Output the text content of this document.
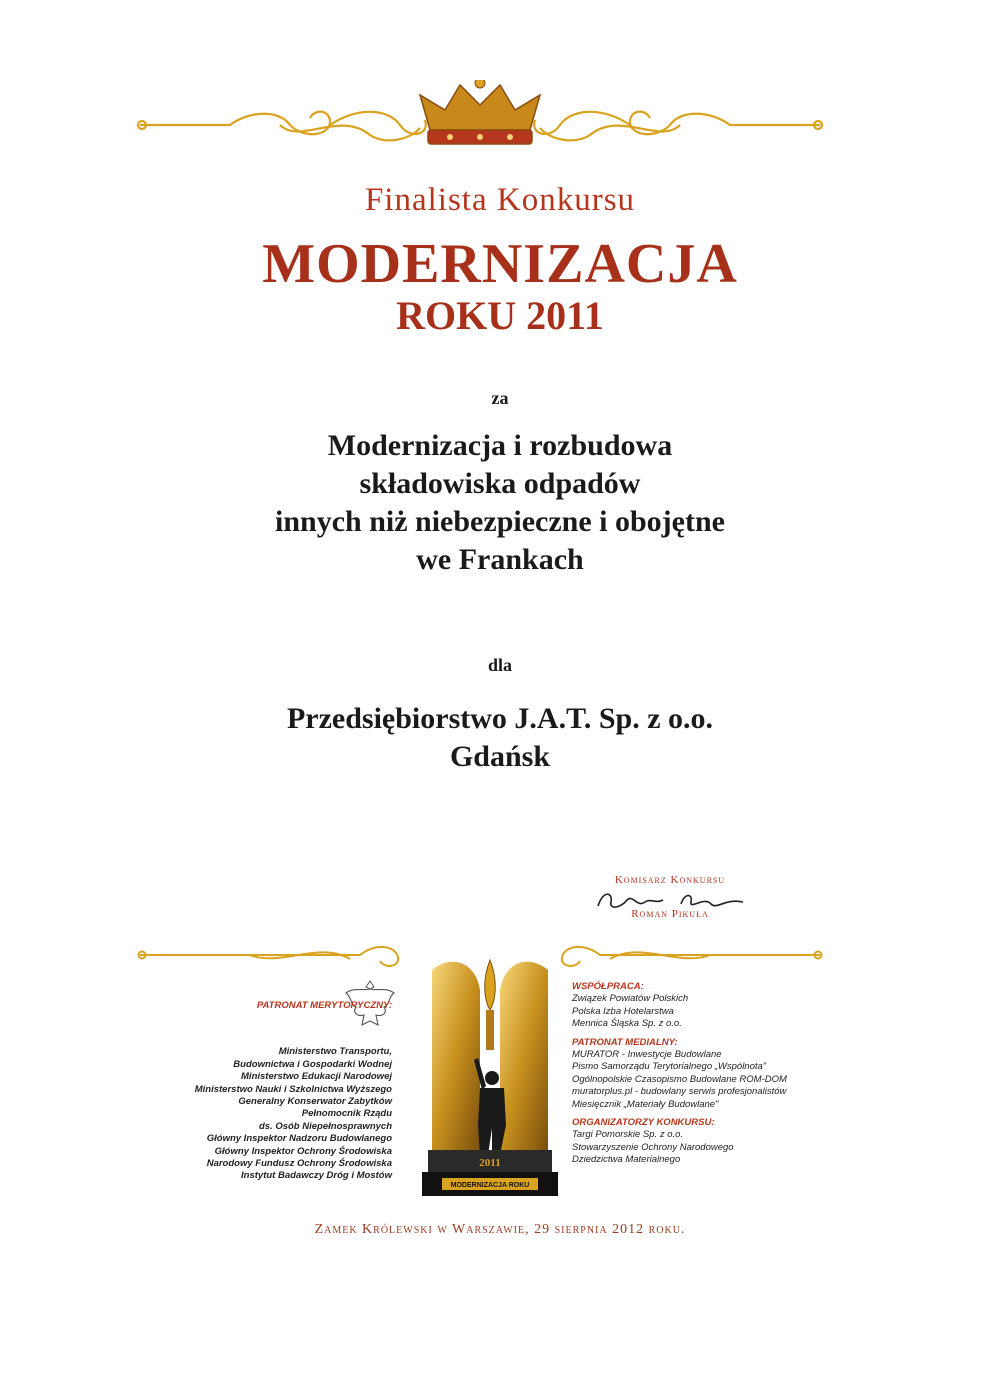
Finalista Konkursu
MODERNIZACJA
ROKU 2011
za
Modernizacja i rozbudowa
składowiska odpadów
innych niż niebezpieczne i obojętne
we Frankach
dla
Przedsiębiorstwo J.A.T. Sp. z o.o.
Gdańsk
Komisarz Konkursu
Roman Pikuła
PATRONAT MERYTORYCZNY:
Ministerstwo Transportu,
Budownictwa i Gospodarki Wodnej
Ministerstwo Edukacji Narodowej
Ministerstwo Nauki i Szkolnictwa Wyższego
Generalny Konserwator Zabytków
Pełnomocnik Rządu
ds. Osób Niepełnosprawnych
Główny Inspektor Nadzoru Budowlanego
Główny Inspektor Ochrony Środowiska
Narodowy Fundusz Ochrony Środowiska
Instytut Badawczy Dróg i Mostów
2011
MODERNIZACJA ROKU
WSPÓŁPRACA:
Związek Powiatów Polskich
Polska Izba Hotelarstwa
Mennica Śląska Sp. z o.o.
PATRONAT MEDIALNY:
MURATOR - Inwestycje Budowlane
Pismo Samorządu Terytorialnego „Wspólnota”
Ogólnopolskie Czasopismo Budowlane ROM-DOM
muratorplus.pl - budowlany serwis profesjonalistów
Miesięcznik „Materiały Budowlane”
ORGANIZATORZY KONKURSU:
Targi Pomorskie Sp. z o.o.
Stowarzyszenie Ochrony Narodowego
Dziedzictwa Materialnego
Zamek Królewski w Warszawie, 29 sierpnia 2012 roku.
